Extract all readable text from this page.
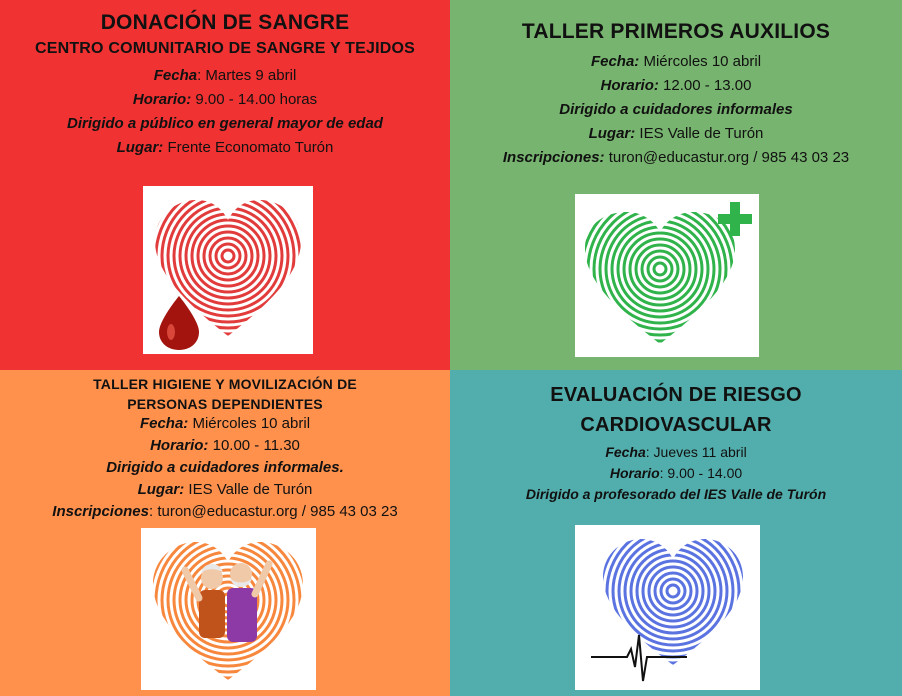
DONACIÓN DE SANGRE
CENTRO COMUNITARIO DE SANGRE Y TEJIDOS

Fecha: Martes 9 abril

Horario: 9.00 - 14.00 horas

Dirigido a público en general mayor de edad

Lugar: Frente Economato Turón

TALLER PRIMEROS AUXILIOS

Fecha: Miércoles 10 abril

Horario: 12.00 - 13.00

Dirigido a cuidadores informales

Lugar: IES Valle de Turón

Inscripciones: turon@educastur.org / 985 43 03 23

TALLER HIGIENE Y MOVILIZACIÓN DE
PERSONAS DEPENDIENTES

Fecha: Miércoles 10 abril

Horario: 10.00 - 11.30

Dirigido a cuidadores informales.

Lugar: IES Valle de Turón

Inscripciones: turon@educastur.org / 985 43 03 23

EVALUACIÓN DE RIESGO
CARDIOVASCULAR

Fecha: Jueves 11 abril

Horario: 9.00 - 14.00

Dirigido a profesorado del IES Valle de Turón
